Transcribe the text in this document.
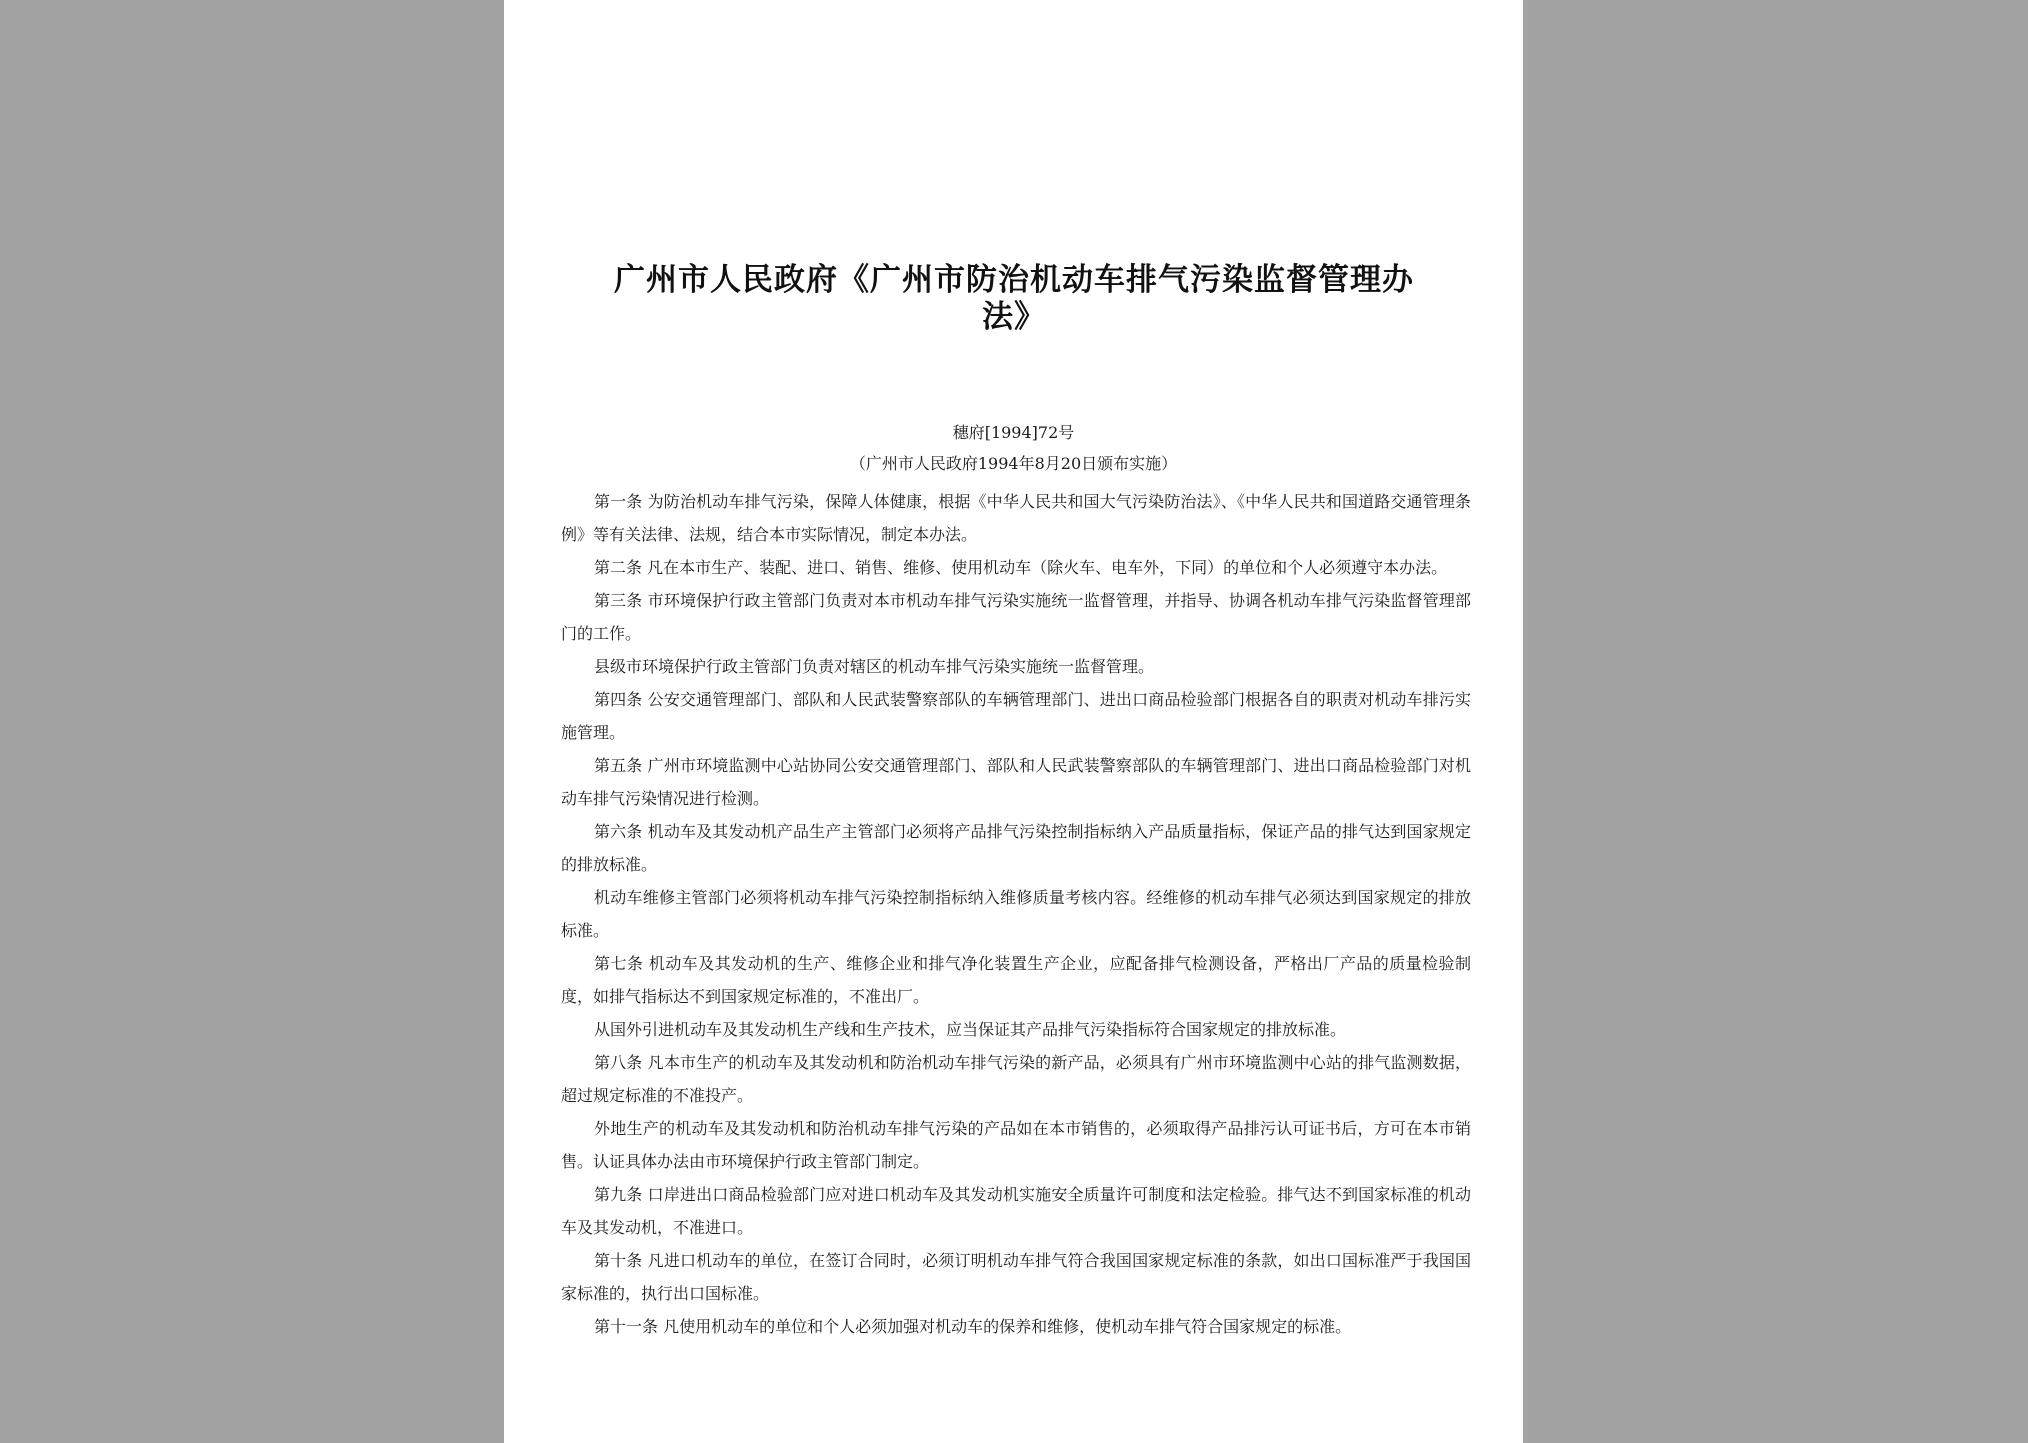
广州市人民政府《广州市防治机动车排气污染监督管理办法》
穗府[1994]72号
（广州市人民政府1994年8月20日颁布实施）

第一条 为防治机动车排气污染，保障人体健康，根据《中华人民共和国大气污染防治法》、《中华人民共和国道路交通管理条例》等有关法律、法规，结合本市实际情况，制定本办法。

第二条 凡在本市生产、装配、进口、销售、维修、使用机动车（除火车、电车外，下同）的单位和个人必须遵守本办法。

第三条 市环境保护行政主管部门负责对本市机动车排气污染实施统一监督管理，并指导、协调各机动车排气污染监督管理部门的工作。

县级市环境保护行政主管部门负责对辖区的机动车排气污染实施统一监督管理。

第四条 公安交通管理部门、部队和人民武装警察部队的车辆管理部门、进出口商品检验部门根据各自的职责对机动车排污实施管理。

第五条 广州市环境监测中心站协同公安交通管理部门、部队和人民武装警察部队的车辆管理部门、进出口商品检验部门对机动车排气污染情况进行检测。

第六条 机动车及其发动机产品生产主管部门必须将产品排气污染控制指标纳入产品质量指标，保证产品的排气达到国家规定的排放标准。

机动车维修主管部门必须将机动车排气污染控制指标纳入维修质量考核内容。经维修的机动车排气必须达到国家规定的排放标准。

第七条 机动车及其发动机的生产、维修企业和排气净化装置生产企业，应配备排气检测设备，严格出厂产品的质量检验制度，如排气指标达不到国家规定标准的，不准出厂。

从国外引进机动车及其发动机生产线和生产技术，应当保证其产品排气污染指标符合国家规定的排放标准。

第八条 凡本市生产的机动车及其发动机和防治机动车排气污染的新产品，必须具有广州市环境监测中心站的排气监测数据，超过规定标准的不准投产。

外地生产的机动车及其发动机和防治机动车排气污染的产品如在本市销售的，必须取得产品排污认可证书后，方可在本市销售。认证具体办法由市环境保护行政主管部门制定。

第九条 口岸进出口商品检验部门应对进口机动车及其发动机实施安全质量许可制度和法定检验。排气达不到国家标准的机动车及其发动机，不准进口。

第十条 凡进口机动车的单位，在签订合同时，必须订明机动车排气符合我国国家规定标准的条款，如出口国标准严于我国国家标准的，执行出口国标准。

第十一条 凡使用机动车的单位和个人必须加强对机动车的保养和维修，使机动车排气符合国家规定的标准。
